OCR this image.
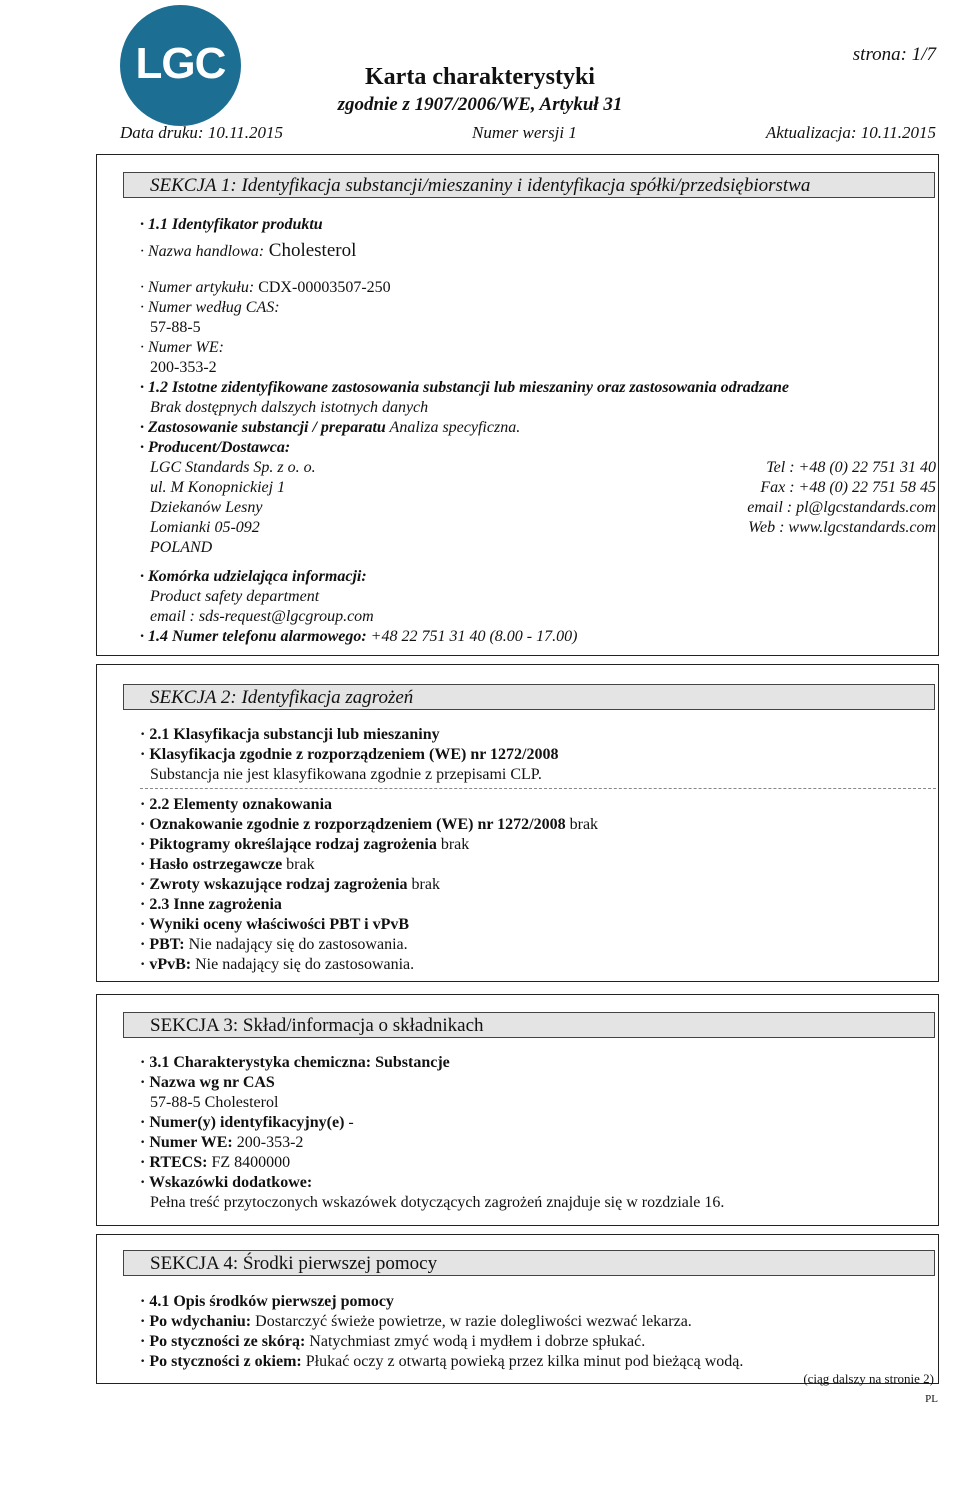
LGC	Karta charakterystyki
zgodnie z 1907/2006/WE, Artykuł 31
strona: 1/7
Data druku: 10.11.2015	Numer wersji 1	Aktualizacja: 10.11.2015
SEKCJA 1: Identyfikacja substancji/mieszaniny i identyfikacja spółki/przedsiębiorstwa
· 1.1 Identyfikator produktu
· Nazwa handlowa: Cholesterol
· Numer artykułu: CDX-00003507-250
· Numer według CAS:
57-88-5
· Numer WE:
200-353-2
· 1.2 Istotne zidentyfikowane zastosowania substancji lub mieszaniny oraz zastosowania odradzane
Brak dostępnych dalszych istotnych danych
· Zastosowanie substancji / preparatu Analiza specyficzna.
· Producent/Dostawca:
LGC Standards Sp. z o. o.
ul. M Konopnickiej 1
Dziekanów Lesny
Lomianki 05-092
POLAND
Tel : +48 (0) 22 751 31 40
Fax : +48 (0) 22 751 58 45
email : pl@lgcstandards.com
Web : www.lgcstandards.com
· Komórka udzielająca informacji:
Product safety department
email : sds-request@lgcgroup.com
· 1.4 Numer telefonu alarmowego: +48 22 751 31 40 (8.00 - 17.00)
SEKCJA 2: Identyfikacja zagrożeń
· 2.1 Klasyfikacja substancji lub mieszaniny
· Klasyfikacja zgodnie z rozporządzeniem (WE) nr 1272/2008
Substancja nie jest klasyfikowana zgodnie z przepisami CLP.
· 2.2 Elementy oznakowania
· Oznakowanie zgodnie z rozporządzeniem (WE) nr 1272/2008 brak
· Piktogramy określające rodzaj zagrożenia brak
· Hasło ostrzegawcze brak
· Zwroty wskazujące rodzaj zagrożenia brak
· 2.3 Inne zagrożenia
· Wyniki oceny właściwości PBT i vPvB
· PBT: Nie nadający się do zastosowania.
· vPvB: Nie nadający się do zastosowania.
SEKCJA 3: Skład/informacja o składnikach
· 3.1 Charakterystyka chemiczna: Substancje
· Nazwa wg nr CAS
57-88-5 Cholesterol
· Numer(y) identyfikacyjny(e) -
· Numer WE: 200-353-2
· RTECS: FZ 8400000
· Wskazówki dodatkowe:
Pełna treść przytoczonych wskazówek dotyczących zagrożeń znajduje się w rozdziale 16.
SEKCJA 4: Środki pierwszej pomocy
· 4.1 Opis środków pierwszej pomocy
· Po wdychaniu: Dostarczyć świeże powietrze, w razie dolegliwości wezwać lekarza.
· Po styczności ze skórą: Natychmiast zmyć wodą i mydłem i dobrze spłukać.
· Po styczności z okiem: Płukać oczy z otwartą powieką przez kilka minut pod bieżącą wodą.
(ciąg dalszy na stronie 2)
PL
